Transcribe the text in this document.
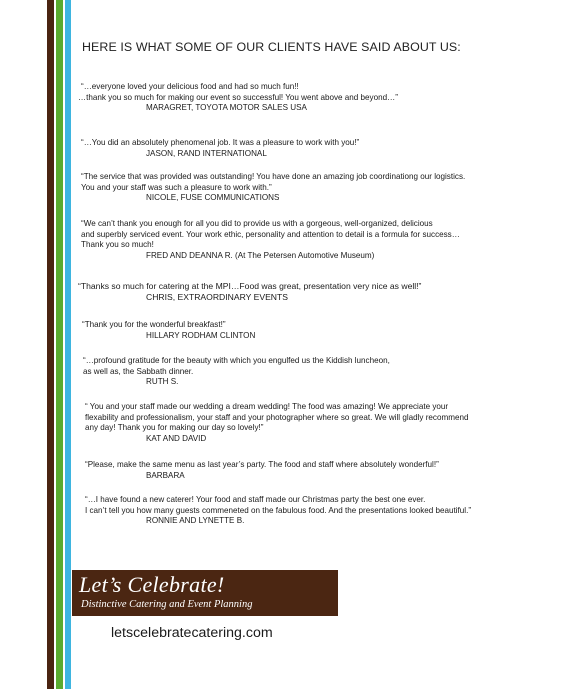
HERE IS WHAT SOME OF OUR CLIENTS HAVE SAID ABOUT US:
“…everyone loved your delicious food and had so much fun!!
…thank you so much for making our event so successful! You went above and beyond…”
MARAGRET, TOYOTA MOTOR SALES USA
“…You did an absolutely phenomenal job. It was a pleasure to work with you!”
JASON, RAND INTERNATIONAL
“The service that was provided was outstanding! You have done an amazing job coordinationg our logistics.
You and your staff was such a pleasure to work with.”
NICOLE, FUSE COMMUNICATIONS
“We can’t thank you enough for all you did to provide us with a gorgeous, well-organized, delicious
and superbly serviced event. Your work ethic, personality and attention to detail is a formula for success…
Thank you so much!
FRED AND DEANNA R. (At The Petersen Automotive Museum)
“Thanks so much for catering at the MPI…Food was great, presentation very nice as well!”
CHRIS, EXTRAORDINARY EVENTS
“Thank you for the wonderful breakfast!”
HILLARY RODHAM CLINTON
“…profound gratitude for the beauty with which you engulfed us the Kiddish luncheon,
as well as, the Sabbath dinner.
RUTH S.
“ You and your staff made our wedding a dream wedding! The food was amazing! We appreciate your
flexability and professionalism, your staff and your photographer where so great. We will gladly recommend
any day! Thank you for making our day so lovely!”
KAT AND DAVID
“Please, make the same menu as last year’s party. The food and staff where absolutely wonderful!”
BARBARA
“…I have found a new caterer! Your food and staff made our Christmas party the best one ever.
I can’t tell you how many guests commeneted on the fabulous food. And the presentations looked beautiful.”
RONNIE AND LYNETTE B.
Let’s Celebrate!
Distinctive Catering and Event Planning
letscelebratecatering.com
